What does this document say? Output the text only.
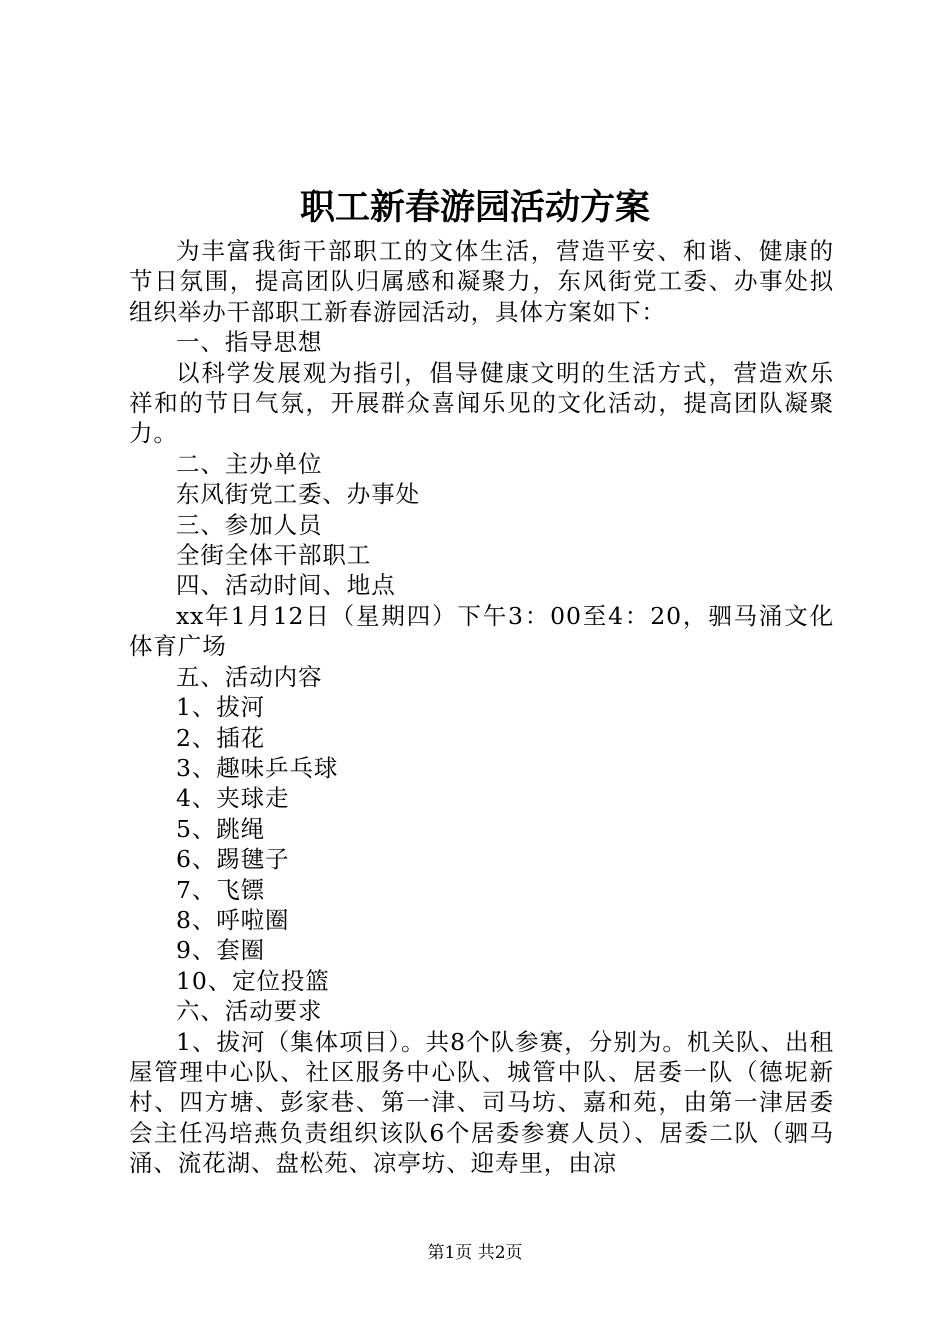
职工新春游园活动方案

为丰富我街干部职工的文体生活，营造平安、和谐、健康的节日氛围，提高团队归属感和凝聚力，东风街党工委、办事处拟组织举办干部职工新春游园活动，具体方案如下：

一、指导思想

以科学发展观为指引，倡导健康文明的生活方式，营造欢乐祥和的节日气氛，开展群众喜闻乐见的文化活动，提高团队凝聚力。

二、主办单位

东风街党工委、办事处

三、参加人员

全街全体干部职工

四、活动时间、地点

xx年1月12日（星期四）下午3：00至4：20，驷马涌文化体育广场

五、活动内容

1、拔河

2、插花

3、趣味乒乓球

4、夹球走

5、跳绳

6、踢毽子

7、飞镖

8、呼啦圈

9、套圈

10、定位投篮

六、活动要求

1、拔河（集体项目）。共8个队参赛，分别为。机关队、出租屋管理中心队、社区服务中心队、城管中队、居委一队（德坭新村、四方塘、彭家巷、第一津、司马坊、嘉和苑，由第一津居委会主任冯培燕负责组织该队6个居委参赛人员）、居委二队（驷马涌、流花湖、盘松苑、凉亭坊、迎寿里，由凉

第1页 共2页
